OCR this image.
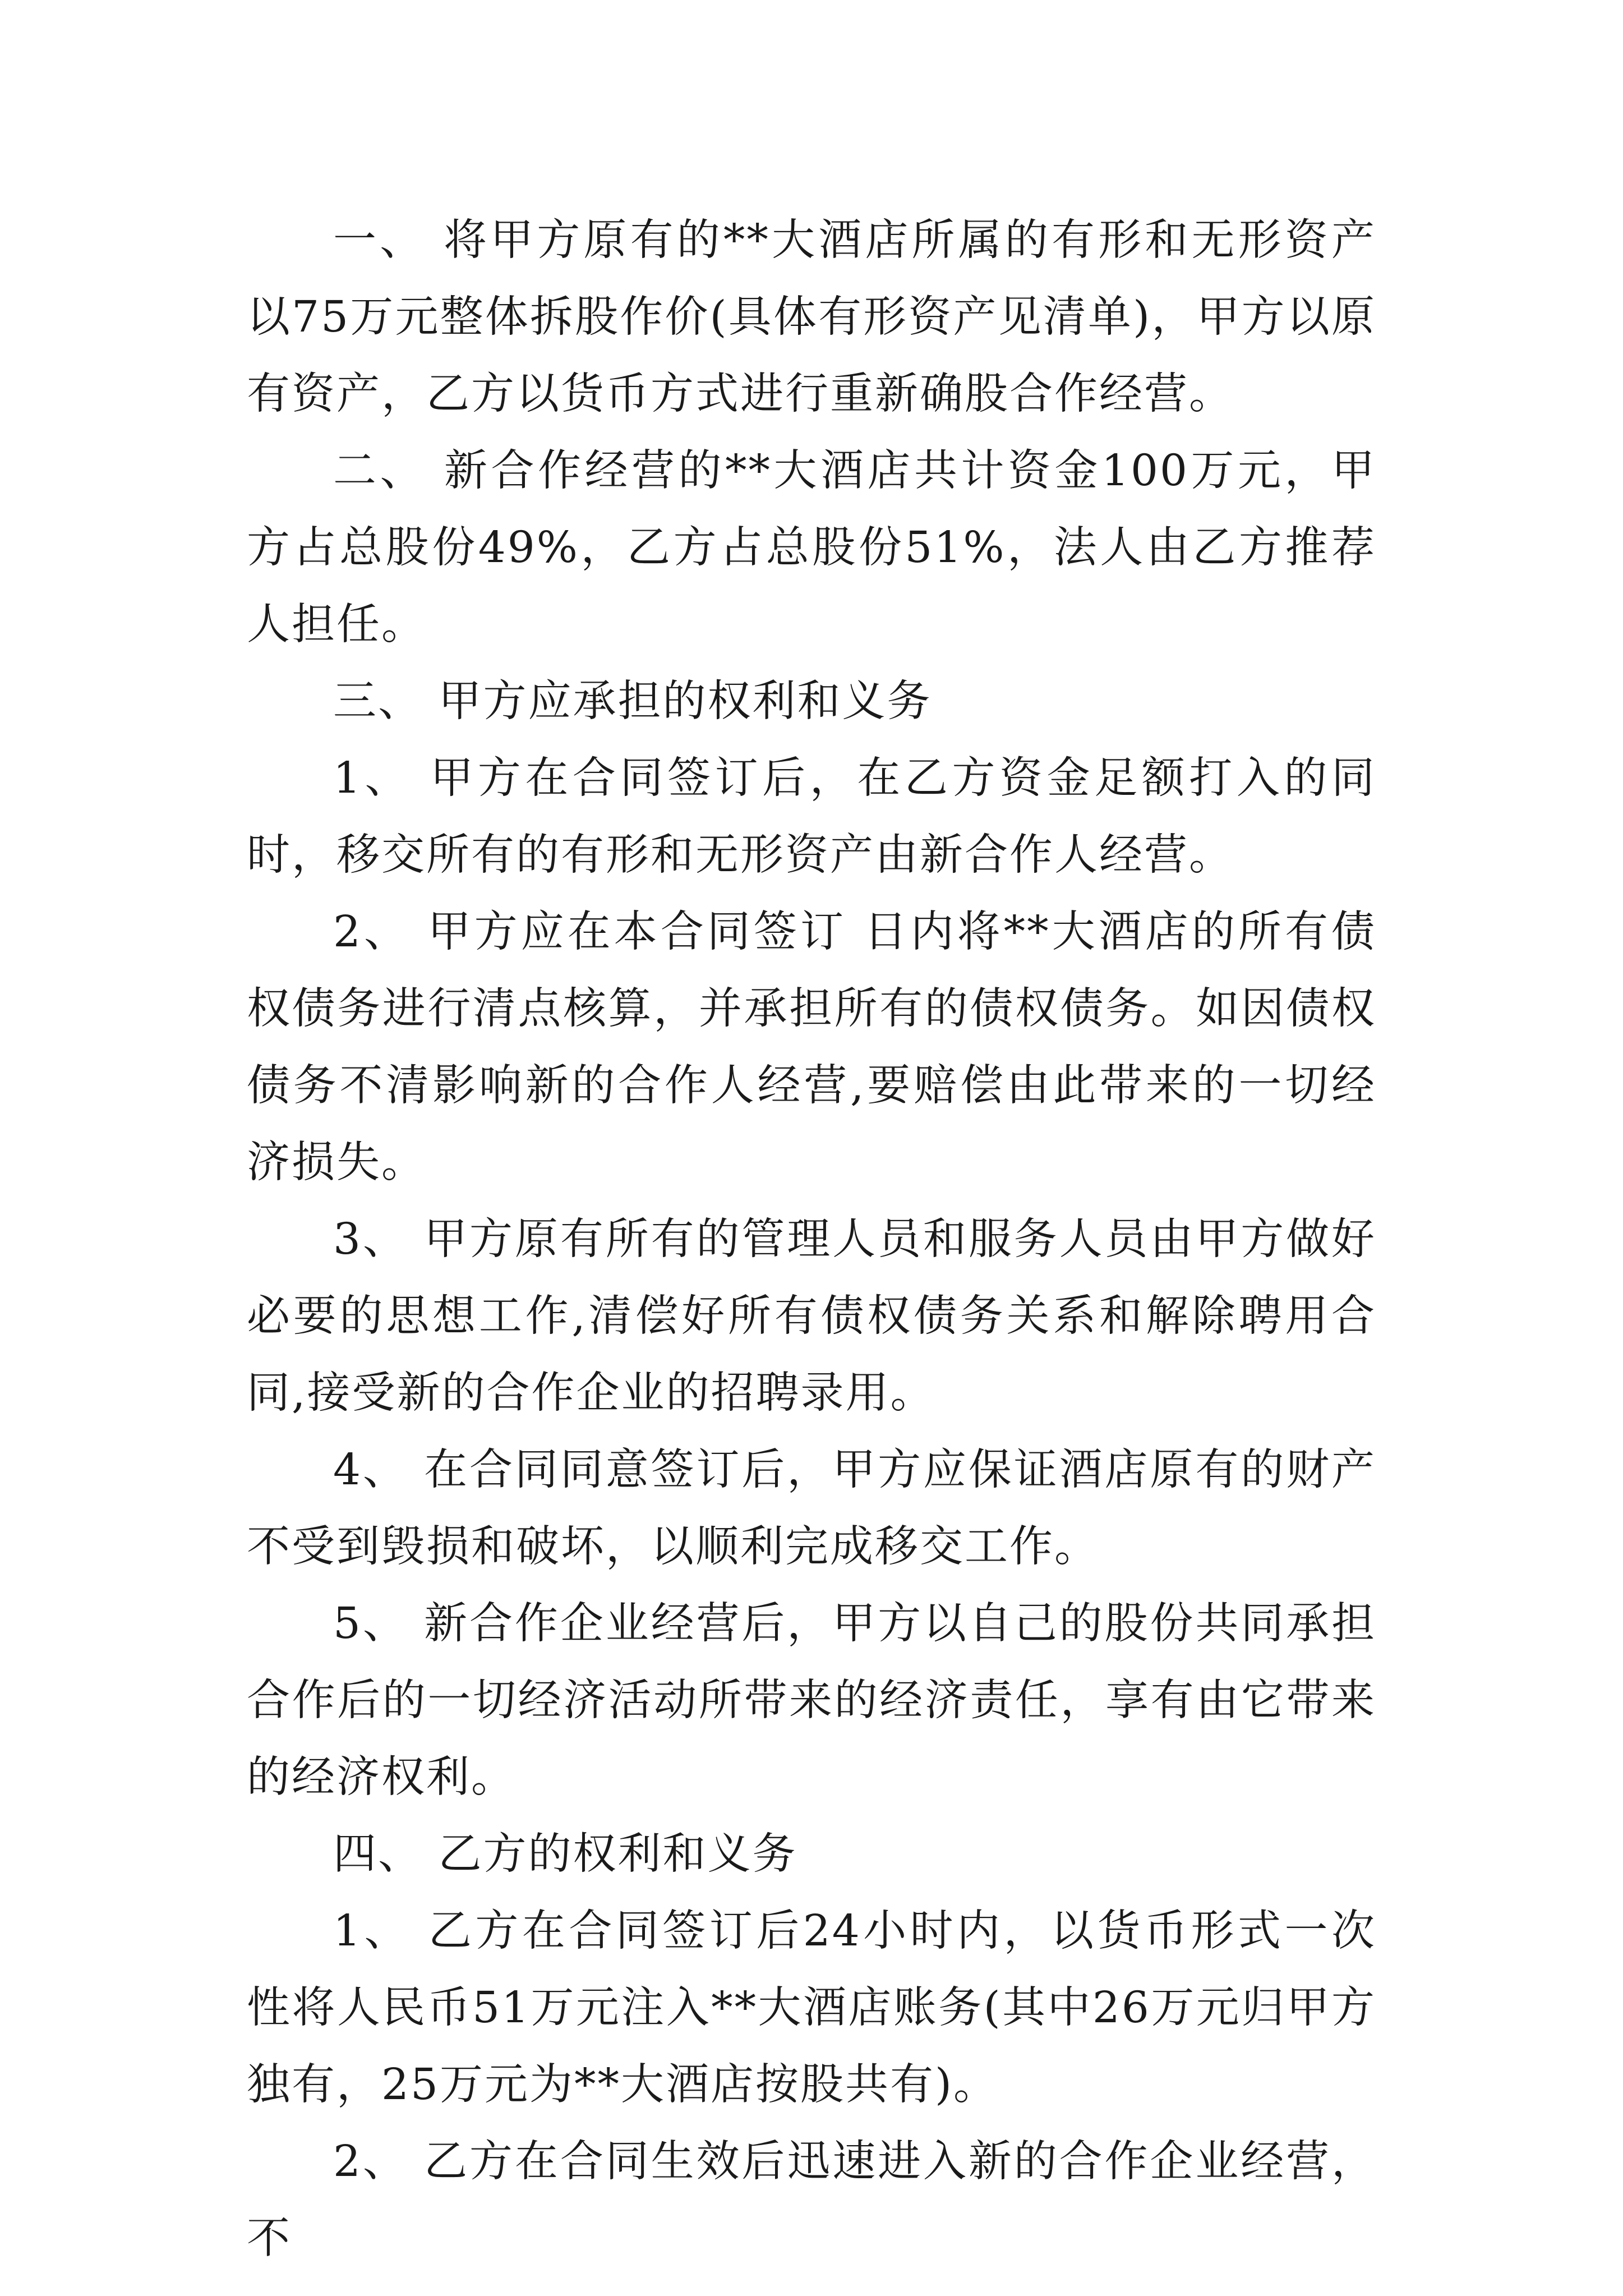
一、 将甲方原有的**大酒店所属的有形和无形资产以75万元整体拆股作价(具体有形资产见清单)，甲方以原有资产，乙方以货币方式进行重新确股合作经营。

二、 新合作经营的**大酒店共计资金100万元，甲方占总股份49%，乙方占总股份51%，法人由乙方推荐人担任。

三、 甲方应承担的权利和义务

1、 甲方在合同签订后，在乙方资金足额打入的同时，移交所有的有形和无形资产由新合作人经营。

2、 甲方应在本合同签订 日内将**大酒店的所有债权债务进行清点核算，并承担所有的债权债务。如因债权债务不清影响新的合作人经营,要赔偿由此带来的一切经济损失。

3、 甲方原有所有的管理人员和服务人员由甲方做好必要的思想工作,清偿好所有债权债务关系和解除聘用合同,接受新的合作企业的招聘录用。

4、 在合同同意签订后，甲方应保证酒店原有的财产不受到毁损和破坏，以顺利完成移交工作。

5、 新合作企业经营后，甲方以自己的股份共同承担合作后的一切经济活动所带来的经济责任，享有由它带来的经济权利。

四、 乙方的权利和义务

1、 乙方在合同签订后24小时内，以货币形式一次性将人民币51万元注入**大酒店账务(其中26万元归甲方独有，25万元为**大酒店按股共有)。

2、 乙方在合同生效后迅速进入新的合作企业经营，不
